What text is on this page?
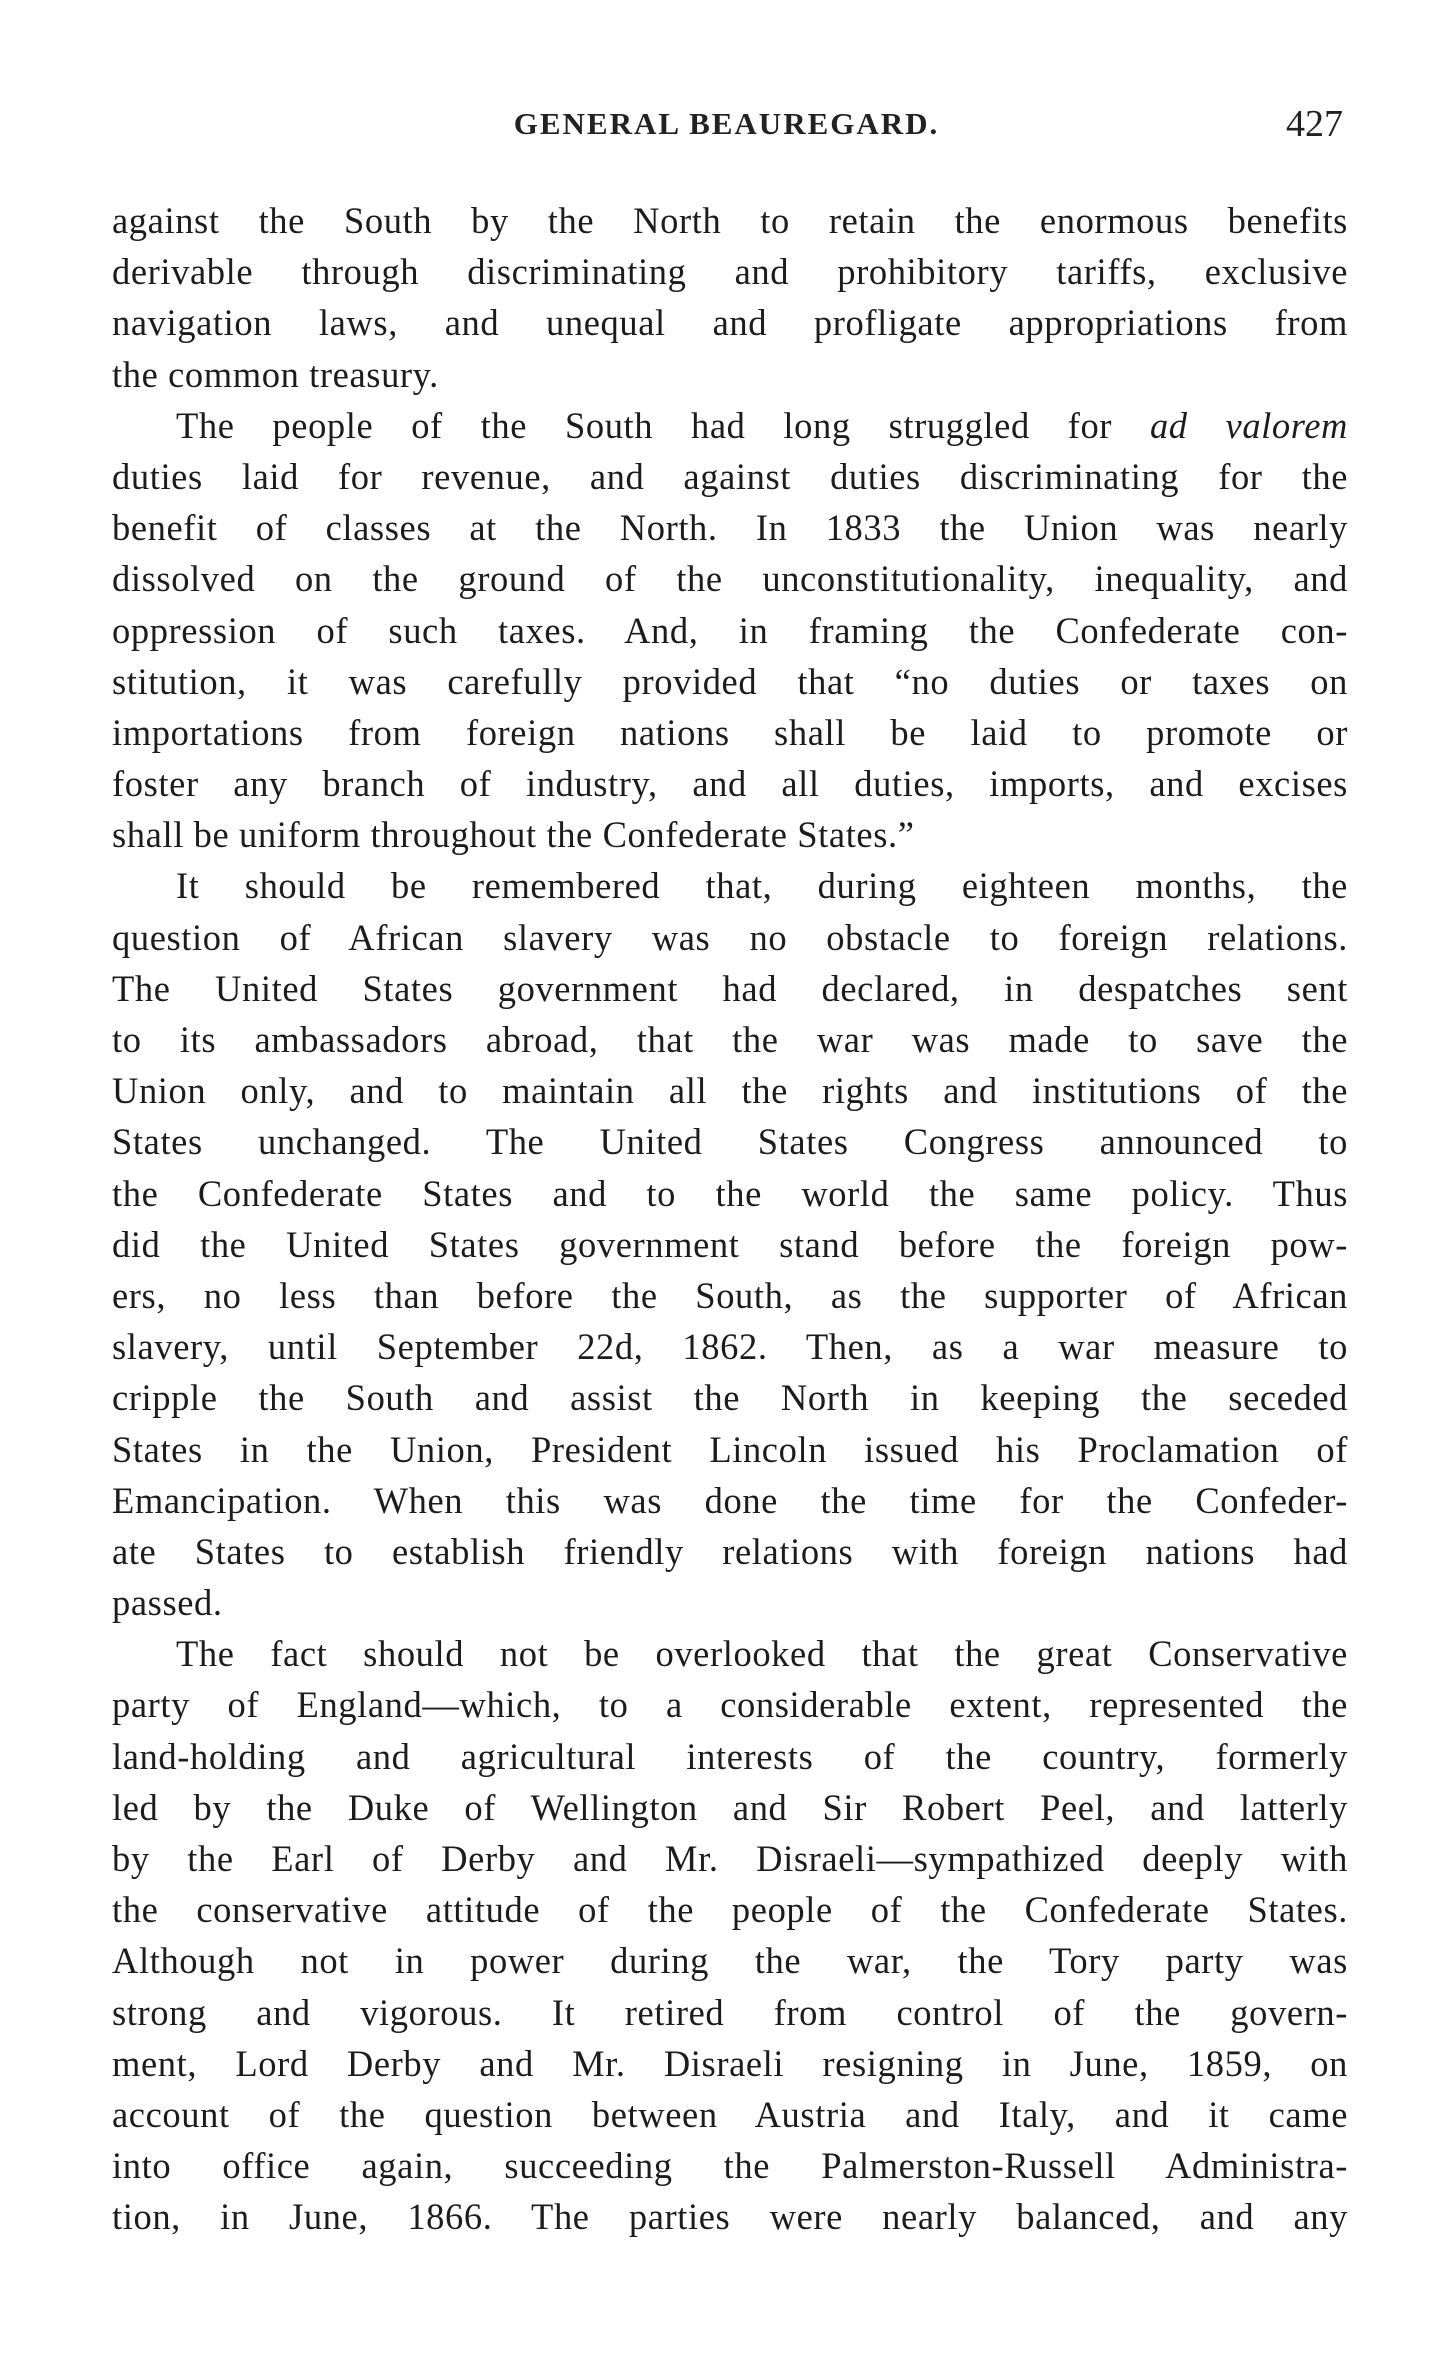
GENERAL BEAUREGARD.	427
against the South by the North to retain the enormous benefits
derivable through discriminating and prohibitory tariffs, exclusive
navigation laws, and unequal and profligate appropriations from
the common treasury.
The people of the South had long struggled for ad valorem
duties laid for revenue, and against duties discriminating for the
benefit of classes at the North. In 1833 the Union was nearly
dissolved on the ground of the unconstitutionality, inequality, and
oppression of such taxes. And, in framing the Confederate con-
stitution, it was carefully provided that “no duties or taxes on
importations from foreign nations shall be laid to promote or
foster any branch of industry, and all duties, imports, and excises
shall be uniform throughout the Confederate States.”
It should be remembered that, during eighteen months, the
question of African slavery was no obstacle to foreign relations.
The United States government had declared, in despatches sent
to its ambassadors abroad, that the war was made to save the
Union only, and to maintain all the rights and institutions of the
States unchanged. The United States Congress announced to
the Confederate States and to the world the same policy. Thus
did the United States government stand before the foreign pow-
ers, no less than before the South, as the supporter of African
slavery, until September 22d, 1862. Then, as a war measure to
cripple the South and assist the North in keeping the seceded
States in the Union, President Lincoln issued his Proclamation of
Emancipation. When this was done the time for the Confeder-
ate States to establish friendly relations with foreign nations had
passed.
The fact should not be overlooked that the great Conservative
party of England—which, to a considerable extent, represented the
land-holding and agricultural interests of the country, formerly
led by the Duke of Wellington and Sir Robert Peel, and latterly
by the Earl of Derby and Mr. Disraeli—sympathized deeply with
the conservative attitude of the people of the Confederate States.
Although not in power during the war, the Tory party was
strong and vigorous. It retired from control of the govern-
ment, Lord Derby and Mr. Disraeli resigning in June, 1859, on
account of the question between Austria and Italy, and it came
into office again, succeeding the Palmerston-Russell Administra-
tion, in June, 1866. The parties were nearly balanced, and any
